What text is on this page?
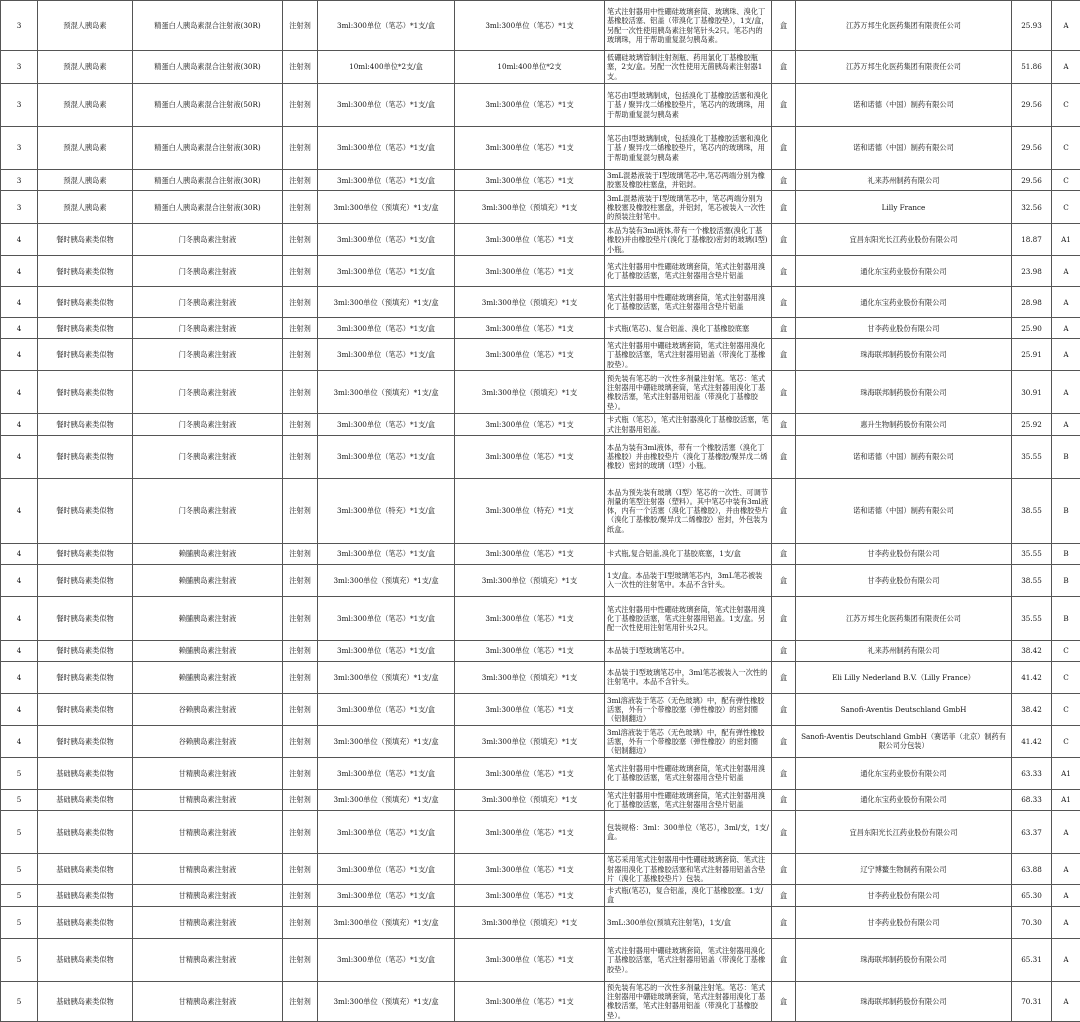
3	预混人胰岛素	精蛋白人胰岛素混合注射液(30R)	注射剂	3ml:300单位（笔芯）*1支/盒	3ml:300单位（笔芯）*1支	笔式注射器用中性硼硅玻璃套筒、玻璃珠、溴化丁基橡胶活塞、铝盖（带溴化丁基橡胶垫），1支/盒，另配一次性使用胰岛素注射笔针头2只。笔芯内的玻璃珠，用于帮助重复混匀胰岛素。	盒	江苏万邦生化医药集团有限责任公司	25.93	A
3	预混人胰岛素	精蛋白人胰岛素混合注射液(30R)	注射剂	10ml:400单位*2支/盒	10ml:400单位*2支	低硼硅玻璃管制注射剂瓶、药用氯化丁基橡胶瓶塞，2支/盒。另配一次性使用无菌胰岛素注射器1支。	盒	江苏万邦生化医药集团有限责任公司	51.86	A
3	预混人胰岛素	精蛋白人胰岛素混合注射液(50R)	注射剂	3ml:300单位（笔芯）*1支/盒	3ml:300单位（笔芯）*1支	笔芯由I型玻璃制成，包括溴化丁基橡胶活塞和溴化丁基 / 聚异戊二烯橡胶垫片，笔芯内的玻璃珠，用于帮助重复混匀胰岛素	盒	诺和诺德（中国）制药有限公司	29.56	C
3	预混人胰岛素	精蛋白人胰岛素混合注射液(30R)	注射剂	3ml:300单位（笔芯）*1支/盒	3ml:300单位（笔芯）*1支	笔芯由I型玻璃制成，包括溴化丁基橡胶活塞和溴化丁基 / 聚异戊二烯橡胶垫片，笔芯内的玻璃珠，用于帮助重复混匀胰岛素	盒	诺和诺德（中国）制药有限公司	29.56	C
3	预混人胰岛素	精蛋白人胰岛素混合注射液(30R)	注射剂	3ml:300单位（笔芯）*1支/盒	3ml:300单位（笔芯）*1支	3mL混悬液装于Ⅰ型玻璃笔芯中,笔芯两端分别为橡胶塞及橡胶柱塞盘，并铝封。	盒	礼来苏州制药有限公司	29.56	C
3	预混人胰岛素	精蛋白人胰岛素混合注射液(30R)	注射剂	3ml:300单位（预填充）*1支/盒	3ml:300单位（预填充）*1支	3mL混悬液装于Ⅰ型玻璃笔芯中，笔芯两端分别为橡胶塞及橡胶柱塞盘，并铝封，笔芯被装入一次性的预装注射笔中。	盒	Lilly France	32.56	C
4	餐时胰岛素类似物	门冬胰岛素注射液	注射剂	3ml:300单位（笔芯）*1支/盒	3ml:300单位（笔芯）*1支	本品为装有3ml液体,带有一个橡胶活塞(溴化丁基橡胶)并由橡胶垫片(溴化丁基橡胶)密封的玻璃(Ⅰ型)小瓶。	盒	宜昌东阳光长江药业股份有限公司	18.87	A1
4	餐时胰岛素类似物	门冬胰岛素注射液	注射剂	3ml:300单位（笔芯）*1支/盒	3ml:300单位（笔芯）*1支	笔式注射器用中性硼硅玻璃套筒，笔式注射器用溴化丁基橡胶活塞，笔式注射器用含垫片铝盖	盒	通化东宝药业股份有限公司	23.98	A
4	餐时胰岛素类似物	门冬胰岛素注射液	注射剂	3ml:300单位（预填充）*1支/盒	3ml:300单位（预填充）*1支	笔式注射器用中性硼硅玻璃套筒，笔式注射器用溴化丁基橡胶活塞，笔式注射器用含垫片铝盖	盒	通化东宝药业股份有限公司	28.98	A
4	餐时胰岛素类似物	门冬胰岛素注射液	注射剂	3ml:300单位（笔芯）*1支/盒	3ml:300单位（笔芯）*1支	卡式瓶(笔芯)、复合铝盖、溴化丁基橡胶底塞	盒	甘李药业股份有限公司	25.90	A
4	餐时胰岛素类似物	门冬胰岛素注射液	注射剂	3ml:300单位（笔芯）*1支/盒	3ml:300单位（笔芯）*1支	笔式注射器用中硼硅玻璃套筒，笔式注射器用溴化丁基橡胶活塞，笔式注射器用铝盖（带溴化丁基橡胶垫）。	盒	珠海联邦制药股份有限公司	25.91	A
4	餐时胰岛素类似物	门冬胰岛素注射液	注射剂	3ml:300单位（预填充）*1支/盒	3ml:300单位（预填充）*1支	预先装有笔芯的一次性多剂量注射笔。笔芯：笔式注射器用中硼硅玻璃套筒，笔式注射器用溴化丁基橡胶活塞，笔式注射器用铝盖（带溴化丁基橡胶垫）。	盒	珠海联邦制药股份有限公司	30.91	A
4	餐时胰岛素类似物	门冬胰岛素注射液	注射剂	3ml:300单位（笔芯）*1支/盒	3ml:300单位（笔芯）*1支	卡式瓶（笔芯），笔式注射器溴化丁基橡胶活塞，笔式注射器用铝盖。	盒	惠升生物制药股份有限公司	25.92	A
4	餐时胰岛素类似物	门冬胰岛素注射液	注射剂	3ml:300单位（笔芯）*1支/盒	3ml:300单位（笔芯）*1支	本品为装有3ml液体，带有一个橡胶活塞（溴化丁基橡胶）并由橡胶垫片（溴化丁基橡胶/聚异戊二烯橡胶）密封的玻璃（Ⅰ型）小瓶。	盒	诺和诺德（中国）制药有限公司	35.55	B
4	餐时胰岛素类似物	门冬胰岛素注射液	注射剂	3ml:300单位（特充）*1支/盒	3ml:300单位（特充）*1支	本品为预先装有玻璃（Ⅰ型）笔芯的一次性、可调节剂量的笔型注射器（塑料）。其中笔芯中装有3ml液体，内有一个活塞（溴化丁基橡胶），并由橡胶垫片（溴化丁基橡胶/聚异戊二烯橡胶）密封，外包装为纸盒。	盒	诺和诺德（中国）制药有限公司	38.55	B
4	餐时胰岛素类似物	赖脯胰岛素注射液	注射剂	3ml:300单位（笔芯）*1支/盒	3ml:300单位（笔芯）*1支	卡式瓶,复合铝盖,溴化丁基胶底塞，1支/盒	盒	甘李药业股份有限公司	35.55	B
4	餐时胰岛素类似物	赖脯胰岛素注射液	注射剂	3ml:300单位（预填充）*1支/盒	3ml:300单位（预填充）*1支	1支/盒。本品装于Ⅰ型玻璃笔芯内，3mL笔芯被装入一次性的注射笔中。本品不含针头。	盒	甘李药业股份有限公司	38.55	B
4	餐时胰岛素类似物	赖脯胰岛素注射液	注射剂	3ml:300单位（笔芯）*1支/盒	3ml:300单位（笔芯）*1支	笔式注射器用中性硼硅玻璃套筒，笔式注射器用溴化丁基橡胶活塞，笔式注射器用铝盖。1支/盒。另配一次性使用注射笔用针头2只。	盒	江苏万邦生化医药集团有限责任公司	35.55	B
4	餐时胰岛素类似物	赖脯胰岛素注射液	注射剂	3ml:300单位（笔芯）*1支/盒	3ml:300单位（笔芯）*1支	本品装于Ⅰ型玻璃笔芯中。	盒	礼来苏州制药有限公司	38.42	C
4	餐时胰岛素类似物	赖脯胰岛素注射液	注射剂	3ml:300单位（预填充）*1支/盒	3ml:300单位（预填充）*1支	本品装于Ⅰ型玻璃笔芯中，3ml笔芯被装入一次性的注射笔中。本品不含针头。	盒	Eli Lilly Nederland B.V.（Lilly France）	41.42	C
4	餐时胰岛素类似物	谷赖胰岛素注射液	注射剂	3ml:300单位（笔芯）*1支/盒	3ml:300单位（笔芯）*1支	3ml溶液装于笔芯（无色玻璃）中，配有弹性橡胶活塞，外有一个带橡胶塞（弹性橡胶）的密封圈（铝制翻边）	盒	Sanofi-Aventis Deutschland GmbH	38.42	C
4	餐时胰岛素类似物	谷赖胰岛素注射液	注射剂	3ml:300单位（预填充）*1支/盒	3ml:300单位（预填充）*1支	3ml溶液装于笔芯（无色玻璃）中，配有弹性橡胶活塞，外有一个带橡胶塞（弹性橡胶）的密封圈（铝制翻边）	盒	Sanofi-Aventis Deutschland GmbH（赛诺菲（北京）制药有限公司分包装）	41.42	C
5	基础胰岛素类似物	甘精胰岛素注射液	注射剂	3ml:300单位（笔芯）*1支/盒	3ml:300单位（笔芯）*1支	笔式注射器用中性硼硅玻璃套筒，笔式注射器用溴化丁基橡胶活塞，笔式注射器用含垫片铝盖	盒	通化东宝药业股份有限公司	63.33	A1
5	基础胰岛素类似物	甘精胰岛素注射液	注射剂	3ml:300单位（预填充）*1支/盒	3ml:300单位（预填充）*1支	笔式注射器用中性硼硅玻璃套筒，笔式注射器用溴化丁基橡胶活塞，笔式注射器用含垫片铝盖	盒	通化东宝药业股份有限公司	68.33	A1
5	基础胰岛素类似物	甘精胰岛素注射液	注射剂	3ml:300单位（笔芯）*1支/盒	3ml:300单位（笔芯）*1支	包装规格：3ml：300单位（笔芯），3ml/支，1支/盒。	盒	宜昌东阳光长江药业股份有限公司	63.37	A
5	基础胰岛素类似物	甘精胰岛素注射液	注射剂	3ml:300单位（笔芯）*1支/盒	3ml:300单位（笔芯）*1支	笔芯采用笔式注射器用中性硼硅玻璃套筒、笔式注射器用溴化丁基橡胶活塞和笔式注射器用铝盖含垫片（溴化丁基橡胶垫片）包装。	盒	辽宁博鳌生物制药有限公司	63.88	A
5	基础胰岛素类似物	甘精胰岛素注射液	注射剂	3ml:300单位（笔芯）*1支/盒	3ml:300单位（笔芯）*1支	卡式瓶(笔芯)，复合铝盖，溴化丁基橡胶塞。1支/盒	盒	甘李药业股份有限公司	65.30	A
5	基础胰岛素类似物	甘精胰岛素注射液	注射剂	3ml:300单位（预填充）*1支/盒	3ml:300单位（预填充）*1支	3mL:300单位(预填充注射笔)，1支/盒	盒	甘李药业股份有限公司	70.30	A
5	基础胰岛素类似物	甘精胰岛素注射液	注射剂	3ml:300单位（笔芯）*1支/盒	3ml:300单位（笔芯）*1支	笔式注射器用中硼硅玻璃套筒，笔式注射器用溴化丁基橡胶活塞，笔式注射器用铝盖（带溴化丁基橡胶垫）。	盒	珠海联邦制药股份有限公司	65.31	A
5	基础胰岛素类似物	甘精胰岛素注射液	注射剂	3ml:300单位（预填充）*1支/盒	3ml:300单位（笔芯）*1支	预先装有笔芯的一次性多剂量注射笔。笔芯：笔式注射器用中硼硅玻璃套筒，笔式注射器用溴化丁基橡胶活塞，笔式注射器用铝盖（带溴化丁基橡胶垫）。	盒	珠海联邦制药股份有限公司	70.31	A
